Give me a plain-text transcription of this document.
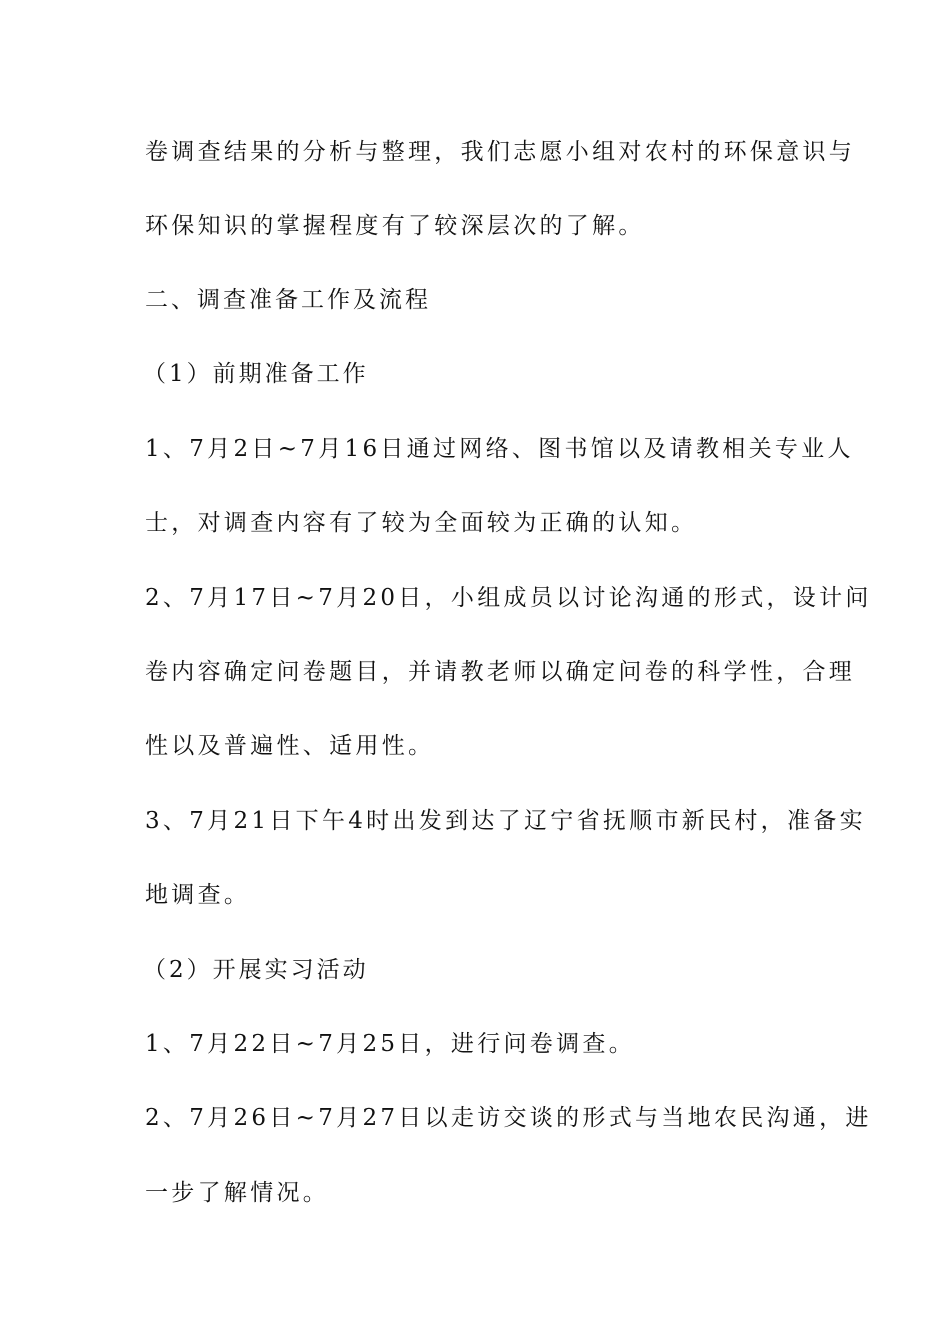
卷调查结果的分析与整理，我们志愿小组对农村的环保意识与
环保知识的掌握程度有了较深层次的了解。
二、调查准备工作及流程
（1）前期准备工作
1、7月2日~7月16日通过网络、图书馆以及请教相关专业人
士，对调查内容有了较为全面较为正确的认知。
2、7月17日~7月20日，小组成员以讨论沟通的形式，设计问
卷内容确定问卷题目，并请教老师以确定问卷的科学性，合理
性以及普遍性、适用性。
3、7月21日下午4时出发到达了辽宁省抚顺市新民村，准备实
地调查。
（2）开展实习活动
1、7月22日~7月25日，进行问卷调查。
2、7月26日~7月27日以走访交谈的形式与当地农民沟通，进
一步了解情况。
